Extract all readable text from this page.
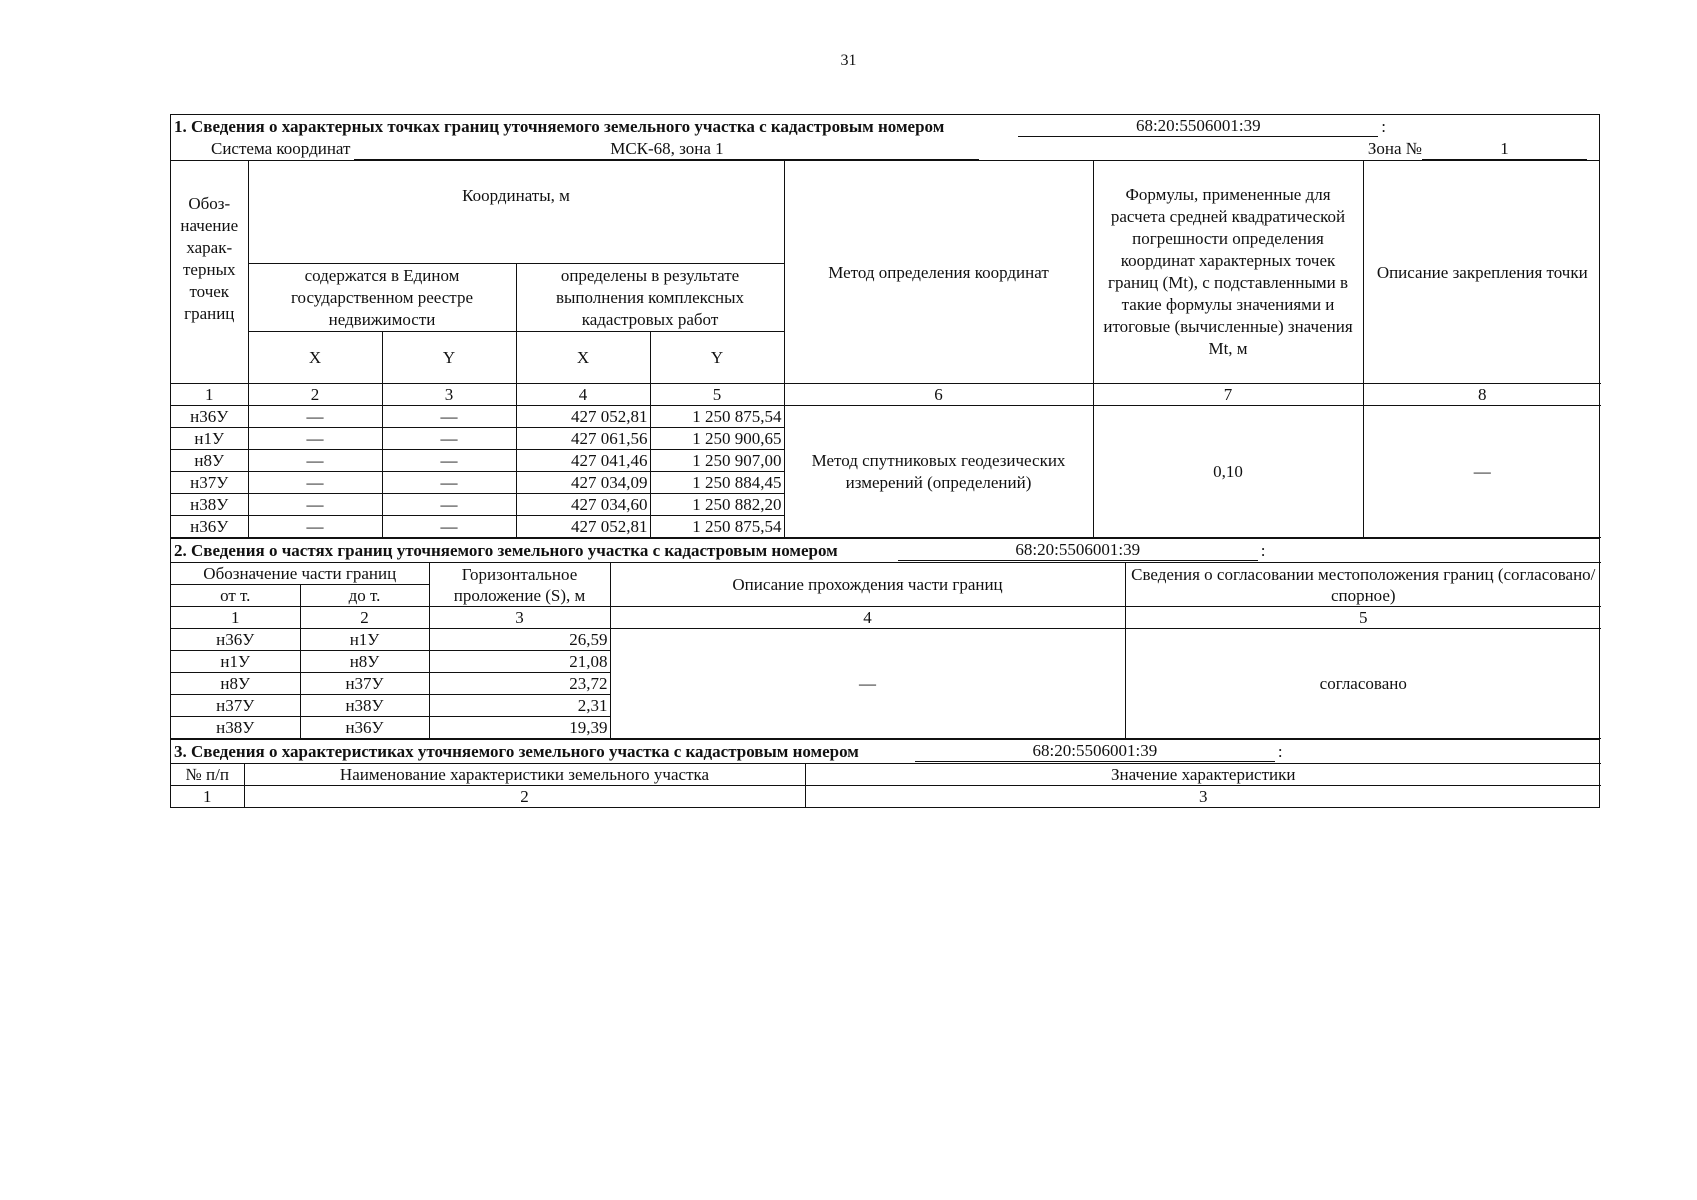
31
1. Сведения о характерных точках границ уточняемого земельного участка с кадастровым номером	68:20:5506001:39	:
Система координат	МСК-68, зона 1	Зона №	1
Обоз-начение харак-терных точек границ	Координаты, м				Метод определения координат	Формулы, примененные для расчета средней квадратической погрешности определения координат характерных точек границ (Mt), с подставленными в такие формулы значениями и итоговые (вычисленные) значения Mt, м	Описание закрепления точки
	содержатся в Едином государственном реестре недвижимости		определены в результате выполнения комплексных кадастровых работ				
	X	Y	X	Y			
1	2	3	4	5	6	7	8
н36У	—	—	427 052,81	1 250 875,54	Метод спутниковых геодезических измерений (определений)	0,10	—
н1У	—	—	427 061,56	1 250 900,65			
н8У	—	—	427 041,46	1 250 907,00			
н37У	—	—	427 034,09	1 250 884,45			
н38У	—	—	427 034,60	1 250 882,20			
н36У	—	—	427 052,81	1 250 875,54			
2. Сведения о частях границ уточняемого земельного участка с кадастровым номером	68:20:5506001:39	:
Обозначение части границ		Горизонтальное проложение (S), м	Описание прохождения части границ	Сведения о согласовании местоположения границ (согласовано/спорное)
от т.	до т.			
1	2	3	4	5
н36У	н1У	26,59	—	согласовано
н1У	н8У	21,08		
н8У	н37У	23,72		
н37У	н38У	2,31		
н38У	н36У	19,39		
3. Сведения о характеристиках уточняемого земельного участка с кадастровым номером	68:20:5506001:39	:
№ п/п	Наименование характеристики земельного участка	Значение характеристики
1	2	3
